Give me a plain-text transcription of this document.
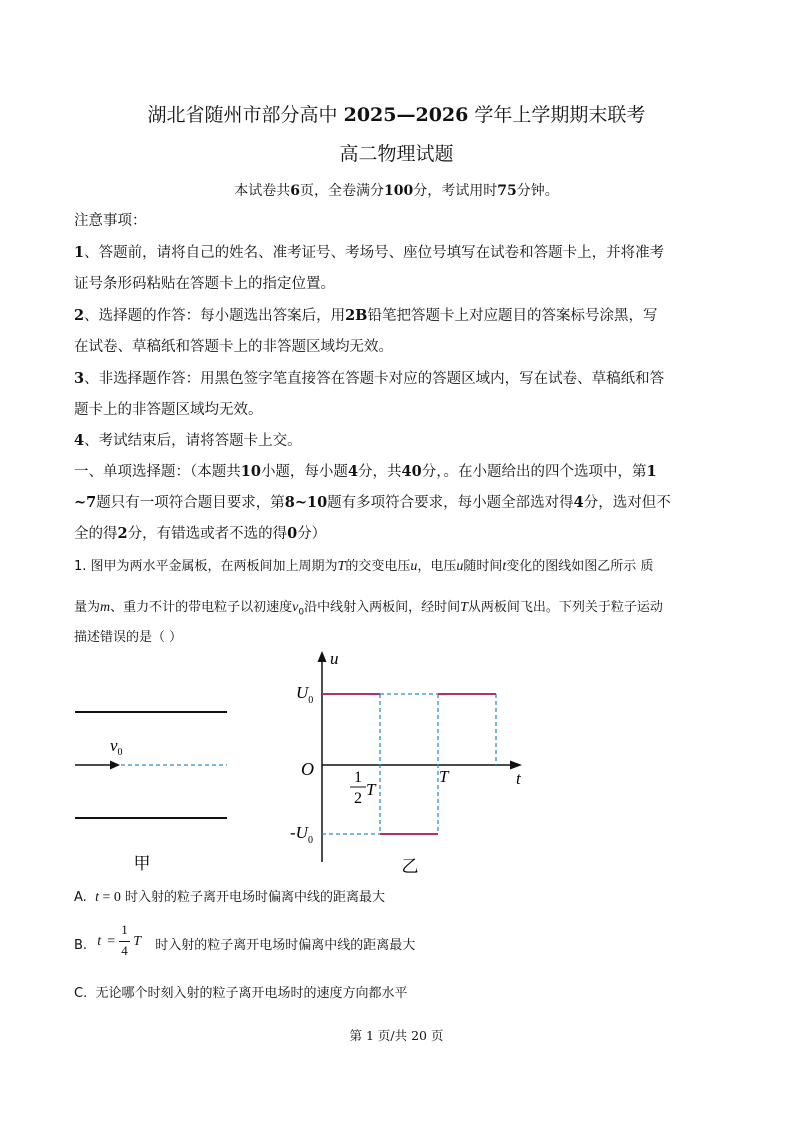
湖北省随州市部分高中 2025—2026 学年上学期期末联考
高二物理试题
本试卷共6页，全卷满分100分，考试用时75分钟。
注意事项：
1、答题前，请将自己的姓名、准考证号、考场号、座位号填写在试卷和答题卡上，并将准考
证号条形码粘贴在答题卡上的指定位置。
2、选择题的作答：每小题选出答案后，用2B铅笔把答题卡上对应题目的答案标号涂黑，写
在试卷、草稿纸和答题卡上的非答题区域均无效。
3、非选择题作答：用黑色签字笔直接答在答题卡对应的答题区域内，写在试卷、草稿纸和答
题卡上的非答题区域均无效。
4、考试结束后，请将答题卡上交。
一、单项选择题：（本题共10小题，每小题4分，共40分，。在小题给出的四个选项中，第1
~7题只有一项符合题目要求，第8~10题有多项符合要求，每小题全部选对得4分，选对但不
全的得2分，有错选或者不选的得0分）
1. 图甲为两水平金属板，在两板间加上周期为T的交变电压u，电压u随时间t变化的图线如图乙所示 质
量为m、重力不计的带电粒子以初速度$v_0$沿中线射入两板间，经时间T从两板间飞出。下列关于粒子运动
描述错误的是（ ）
$v_0$
甲
u
t
O
$U_0$
$-U_0$
1
2 T
T
乙
A. t = 0 时入射的粒子离开电场时偏离中线的距离最大
B. t =
1
4
T 时入射的粒子离开电场时偏离中线的距离最大
C. 无论哪个时刻入射的粒子离开电场时的速度方向都水平
第 1 页/共 20 页
